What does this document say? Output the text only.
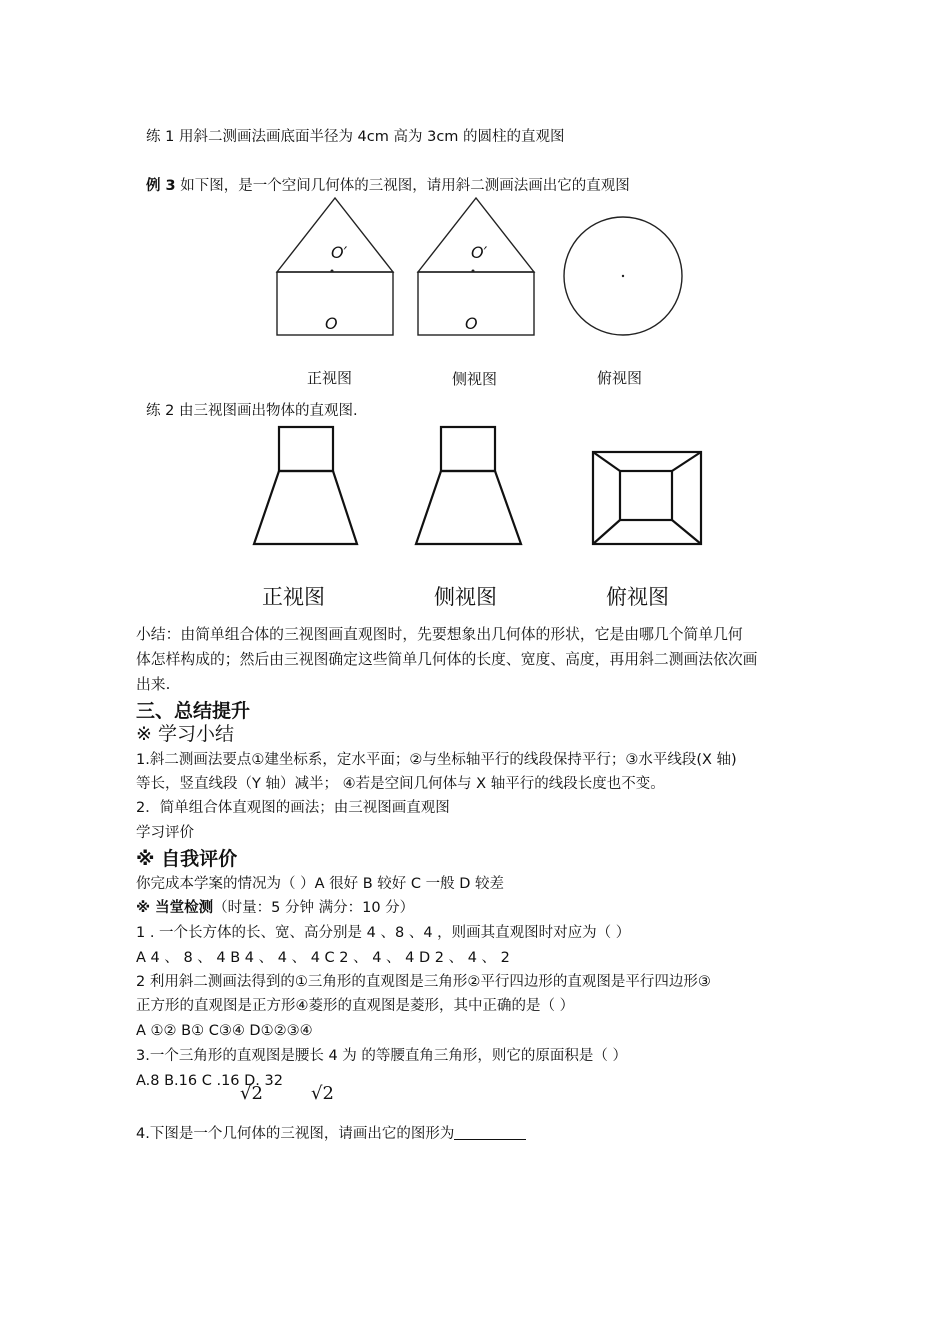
练 1 用斜二测画法画底面半径为 4cm 高为 3cm 的圆柱的直观图
例 3 如下图，是一个空间几何体的三视图，请用斜二测画法画出它的直观图
O′
O
O′
O
正视图	侧视图	俯视图
练 2 由三视图画出物体的直观图.
正视图	侧视图	俯视图
小结：由简单组合体的三视图画直观图时，先要想象出几何体的形状，它是由哪几个简单几何
体怎样构成的；然后由三视图确定这些简单几何体的长度、宽度、高度，再用斜二测画法依次画
出来.
三、总结提升
※ 学习小结
1.斜二测画法要点①建坐标系，定水平面；②与坐标轴平行的线段保持平行；③水平线段(X 轴)
等长，竖直线段（Y 轴）减半； ④若是空间几何体与 X 轴平行的线段长度也不变。
2．简单组合体直观图的画法；由三视图画直观图
学习评价
※ 自我评价
你完成本学案的情况为（ ）A 很好 B 较好 C 一般 D 较差
※ 当堂检测（时量：5 分钟 满分：10 分）
1 . 一个长方体的长、宽、高分别是 4 、8 、4 ，则画其直观图时对应为（ ）
A 4 、 8 、 4 B 4 、 4 、 4 C 2 、 4 、 4 D 2 、 4 、 2
2 利用斜二测画法得到的①三角形的直观图是三角形②平行四边形的直观图是平行四边形③
正方形的直观图是正方形④菱形的直观图是菱形，其中正确的是（ ）
A ①② B① C③④ D①②③④
3.一个三角形的直观图是腰长 4 为 的等腰直角三角形，则它的原面积是（ ）
A.8 B.16 C .16 D. 32
√2	√2
4.下图是一个几何体的三视图，请画出它的图形为
